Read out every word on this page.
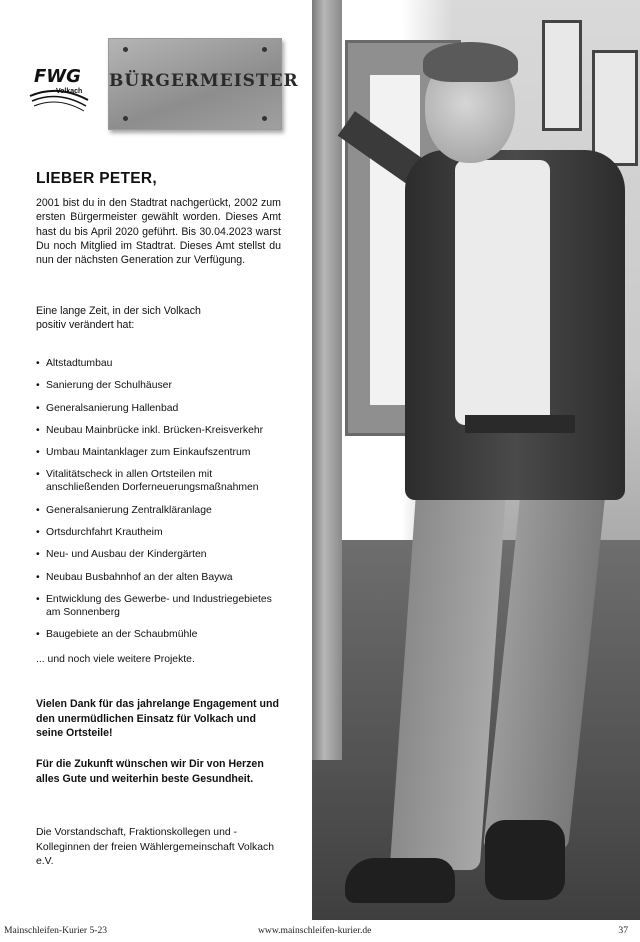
BÜRGERMEISTER
FWG
Volkach
LIEBER PETER,
2001 bist du in den Stadtrat nachgerückt, 2002 zum ersten Bürgermeister gewählt worden. Dieses Amt hast du bis April 2020 geführt. Bis 30.04.2023 warst Du noch Mitglied im Stadtrat. Dieses Amt stellst du nun der nächsten Generation zur Verfügung.
Eine lange Zeit, in der sich Volkach positiv verändert hat:
• Altstadtumbau
• Sanierung der Schulhäuser
• Generalsanierung Hallenbad
• Neubau Mainbrücke inkl. Brücken-Kreisverkehr
• Umbau Maintanklager zum Einkaufszentrum
• Vitalitätscheck in allen Ortsteilen mit anschließenden Dorferneuerungsmaßnahmen
• Generalsanierung Zentralkläranlage
• Ortsdurchfahrt Krautheim
• Neu- und Ausbau der Kindergärten
• Neubau Busbahnhof an der alten Baywa
• Entwicklung des Gewerbe- und Industriegebietes am Sonnenberg
• Baugebiete an der Schaubmühle
... und noch viele weitere Projekte.
Vielen Dank für das jahrelange Engagement und den unermüdlichen Einsatz für Volkach und seine Ortsteile!
Für die Zukunft wünschen wir Dir von Herzen alles Gute und weiterhin beste Gesundheit.
Die Vorstandschaft, Fraktionskollegen und -Kolleginnen der freien Wählergemeinschaft Volkach e.V.
Mainschleifen-Kurier 5-23	www.mainschleifen-kurier.de	37
